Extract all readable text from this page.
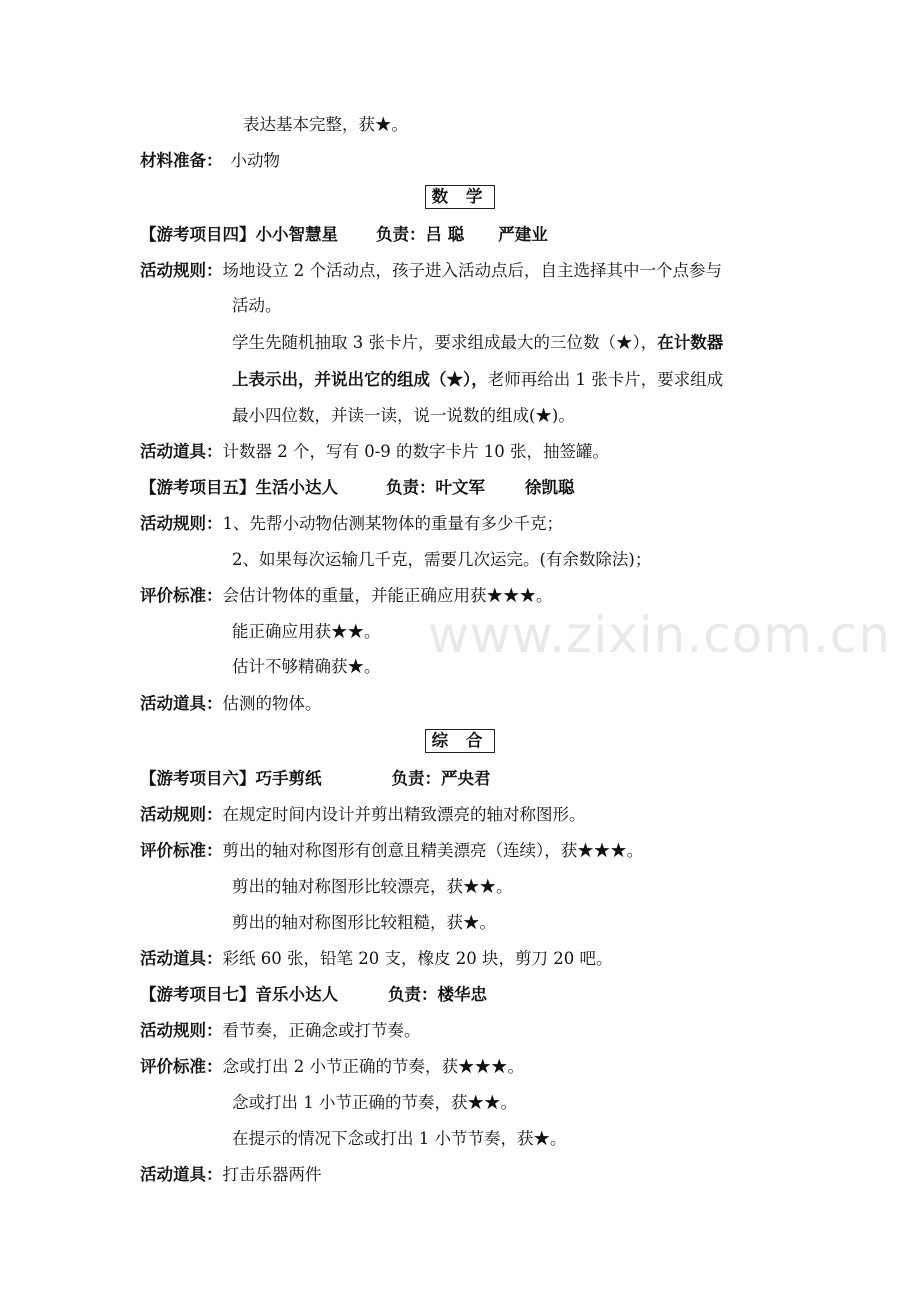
www.zixin.com.cn
表达基本完整，获★。
材料准备： 小动物
数 学
【游考项目四】小小智慧星 负责：吕 聪 严建业
活动规则：场地设立 2 个活动点，孩子进入活动点后，自主选择其中一个点参与
活动。
学生先随机抽取 3 张卡片，要求组成最大的三位数（★），在计数器
上表示出，并说出它的组成（★），老师再给出 1 张卡片，要求组成
最小四位数，并读一读，说一说数的组成(★)。
活动道具：计数器 2 个，写有 0-9 的数字卡片 10 张，抽签罐。
【游考项目五】生活小达人	负责：叶文军 徐凯聪
活动规则：1、先帮小动物估测某物体的重量有多少千克；
2、如果每次运输几千克，需要几次运完。(有余数除法)；
评价标准：会估计物体的重量，并能正确应用获★★★。
能正确应用获★★。
估计不够精确获★。
活动道具：估测的物体。
综 合
【游考项目六】巧手剪纸	负责：严央君
活动规则：在规定时间内设计并剪出精致漂亮的轴对称图形。
评价标准：剪出的轴对称图形有创意且精美漂亮（连续），获★★★。
剪出的轴对称图形比较漂亮，获★★。
剪出的轴对称图形比较粗糙，获★。
活动道具：彩纸 60 张，铅笔 20 支，橡皮 20 块，剪刀 20 吧。
【游考项目七】音乐小达人	负责：楼华忠
活动规则：看节奏，正确念或打节奏。
评价标准：念或打出 2 小节正确的节奏，获★★★。
念或打出 1 小节正确的节奏，获★★。
在提示的情况下念或打出 1 小节节奏，获★。
活动道具：打击乐器两件
